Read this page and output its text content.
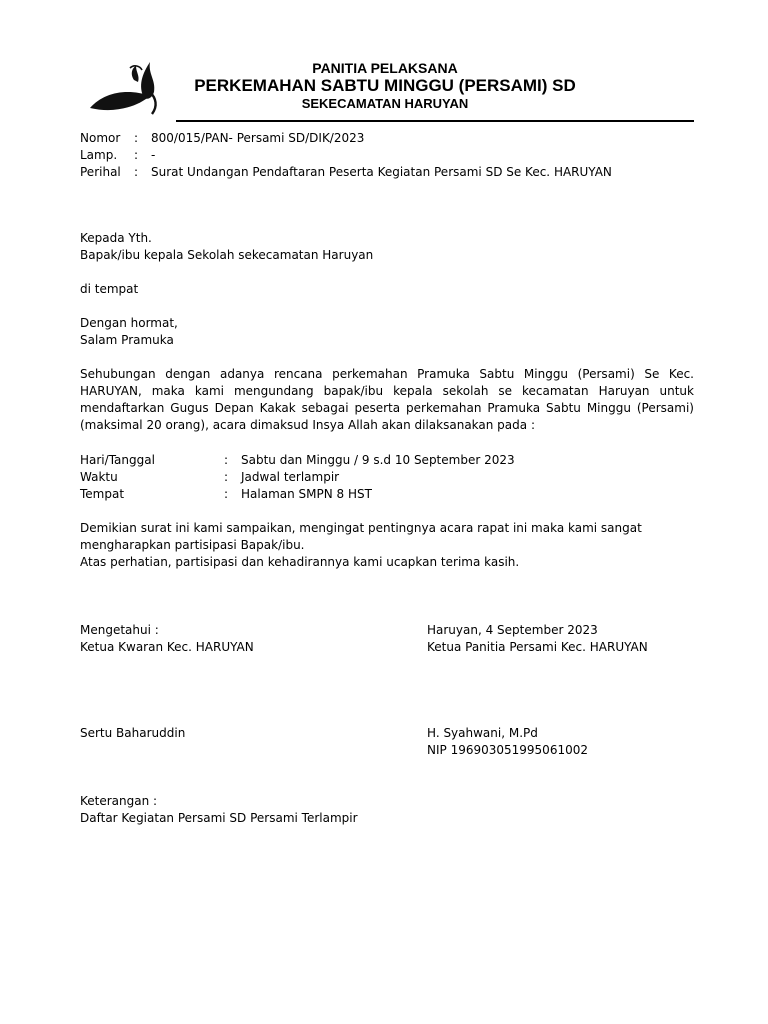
PANITIA PELAKSANA
PERKEMAHAN SABTU MINGGU (PERSAMI) SD
SEKECAMATAN HARUYAN
Nomor : 800/015/PAN- Persami SD/DIK/2023
Lamp. : -
Perihal : Surat Undangan Pendaftaran Peserta Kegiatan Persami SD Se Kec. HARUYAN
Kepada Yth.
Bapak/ibu kepala Sekolah sekecamatan Haruyan
di tempat
Dengan hormat,
Salam Pramuka
Sehubungan dengan adanya rencana perkemahan Pramuka Sabtu Minggu (Persami) Se Kec.
HARUYAN, maka kami mengundang bapak/ibu kepala sekolah se kecamatan Haruyan untuk
mendaftarkan Gugus Depan Kakak sebagai peserta perkemahan Pramuka Sabtu Minggu (Persami)
(maksimal 20 orang), acara dimaksud Insya Allah akan dilaksanakan pada :
Hari/Tanggal	: Sabtu dan Minggu / 9 s.d 10 September 2023
Waktu	: Jadwal terlampir
Tempat	: Halaman SMPN 8 HST
Demikian surat ini kami sampaikan, mengingat pentingnya acara rapat ini maka kami sangat
mengharapkan partisipasi Bapak/ibu.
Atas perhatian, partisipasi dan kehadirannya kami ucapkan terima kasih.
Mengetahui :
Ketua Kwaran Kec. HARUYAN
Sertu Baharuddin
Haruyan, 4 September 2023
Ketua Panitia Persami Kec. HARUYAN
H. Syahwani, M.Pd
NIP 196903051995061002
Keterangan :
Daftar Kegiatan Persami SD Persami Terlampir
